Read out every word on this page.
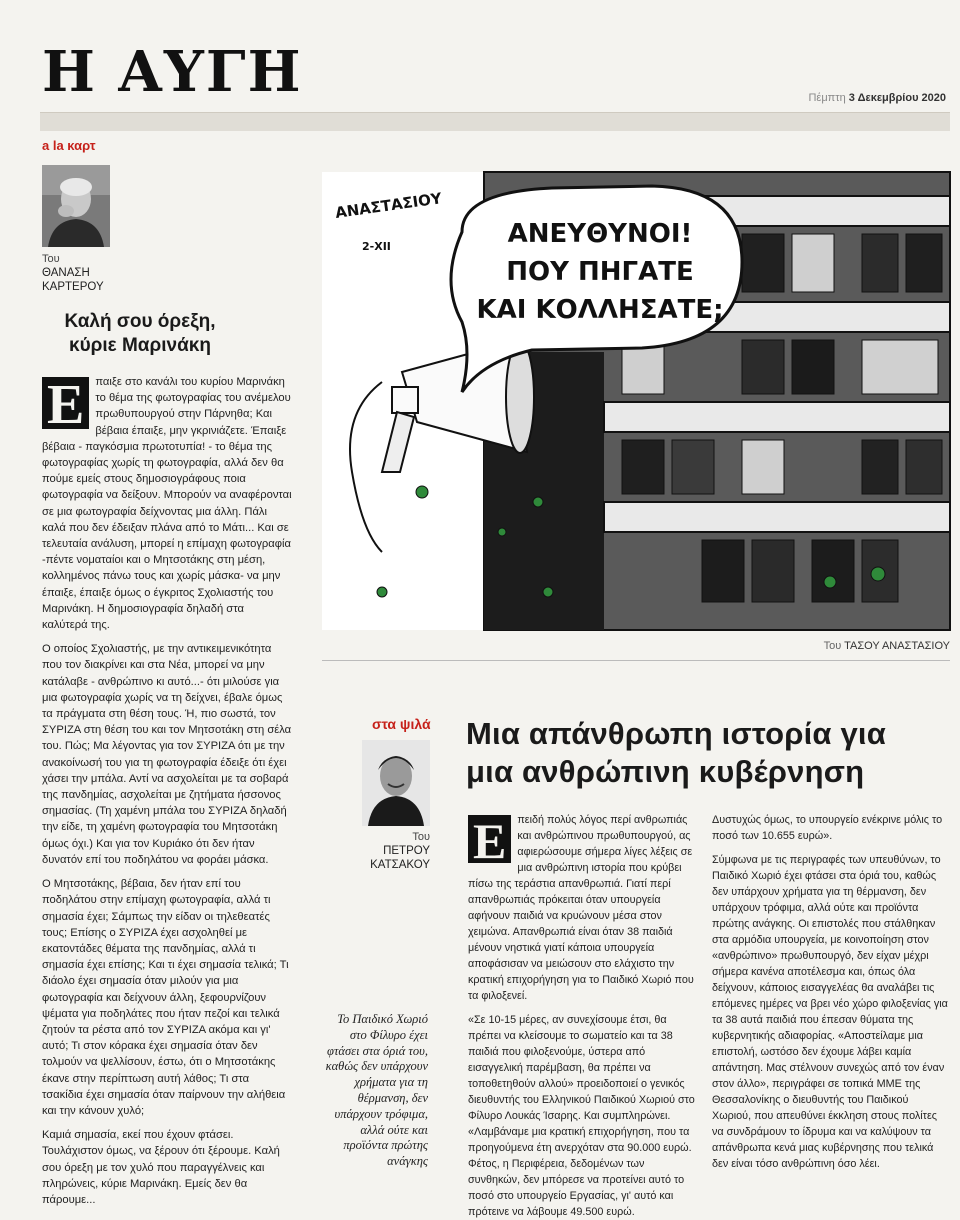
Η ΑΥΓΗ	Πέμπτη 3 Δεκεμβρίου 2020
a la καρτ
Του
ΘΑΝΑΣΗ
ΚΑΡΤΕΡΟΥ
Καλή σου όρεξη,
κύριε Μαρινάκη
Ε παιξε στο κανάλι του κυρίου Μαρινάκη το θέμα της φωτογραφίας του ανέμελου πρωθυπουργού στην Πάρνηθα; Και βέβαια έπαιξε, μην γκρινιάζετε. Έπαιξε βέβαια - παγκόσμια πρωτοτυπία! - το θέμα της φωτογραφίας χωρίς τη φωτογραφία, αλλά δεν θα πούμε εμείς στους δημοσιογράφους ποια φωτογραφία να δείξουν. Μπορούν να αναφέρονται σε μια φωτογραφία δείχνοντας μια άλλη. Πάλι καλά που δεν έδειξαν πλάνα από το Μάτι... Και σε τελευταία ανάλυση, μπορεί η επίμαχη φωτογραφία -πέντε νοματαίοι και ο Μητσοτάκης στη μέση, κολλημένος πάνω τους και χωρίς μάσκα- να μην έπαιξε, έπαιξε όμως ο έγκριτος Σχολιαστής του Μαρινάκη. Η δημοσιογραφία δηλαδή στα καλύτερά της.

Ο οποίος Σχολιαστής, με την αντικειμενικότητα που τον διακρίνει και στα Νέα, μπορεί να μην κατάλαβε - ανθρώπινο κι αυτό...- ότι μιλούσε για μια φωτογραφία χωρίς να τη δείχνει, έβαλε όμως τα πράγματα στη θέση τους. Ή, πιο σωστά, τον ΣΥΡΙΖΑ στη θέση του και τον Μητσοτάκη στη σέλα του. Πώς; Μα λέγοντας για τον ΣΥΡΙΖΑ ότι με την ανακοίνωσή του για τη φωτογραφία έδειξε ότι έχει χάσει την μπάλα. Αντί να ασχολείται με τα σοβαρά της πανδημίας, ασχολείται με ζητήματα ήσσονος σημασίας. (Τη χαμένη μπάλα του ΣΥΡΙΖΑ δηλαδή την είδε, τη χαμένη φωτογραφία του Μητσοτάκη όμως όχι.) Και για τον Κυριάκο ότι δεν ήταν δυνατόν επί του ποδηλάτου να φοράει μάσκα.

Ο Μητσοτάκης, βέβαια, δεν ήταν επί του ποδηλάτου στην επίμαχη φωτογραφία, αλλά τι σημασία έχει; Σάμπως την είδαν οι τηλεθεατές τους; Επίσης ο ΣΥΡΙΖΑ έχει ασχοληθεί με εκατοντάδες θέματα της πανδημίας, αλλά τι σημασία έχει επίσης; Και τι έχει σημασία τελικά; Τι διάολο έχει σημασία όταν μιλούν για μια φωτογραφία και δείχνουν άλλη, ξεφουρνίζουν ψέματα για ποδηλάτες που ήταν πεζοί και τελικά ζητούν τα ρέστα από τον ΣΥΡΙΖΑ ακόμα και γι' αυτό; Τι στον κόρακα έχει σημασία όταν δεν τολμούν να ψελλίσουν, έστω, ότι ο Μητσοτάκης έκανε στην περίπτωση αυτή λάθος; Τι στα τσακίδια έχει σημασία όταν παίρνουν την αλήθεια και την κάνουν χυλό;

Καμιά σημασία, εκεί που έχουν φτάσει. Τουλάχιστον όμως, να ξέρουν ότι ξέρουμε. Καλή σου όρεξη με τον χυλό που παραγγέλνεις και πληρώνεις, κύριε Μαρινάκη. Εμείς δεν θα πάρουμε...

ΑΝΕΥΘΥΝΟΙ!
ΠΟΥ ΠΗΓΑΤΕ
ΚΑΙ ΚΟΛΛΗΣΑΤΕ;
ΑΝΑΣΤΑΣΙΟΥ
2-ΧΙΙ
Του ΤΑΣΟΥ ΑΝΑΣΤΑΣΙΟΥ
στα ψιλά
Του
ΠΕΤΡΟΥ
ΚΑΤΣΑΚΟΥ
Μια απάνθρωπη ιστορία για
μια ανθρώπινη κυβέρνηση
Το Παιδικό Χωριό στο Φίλυρο έχει φτάσει στα όριά του, καθώς δεν υπάρχουν χρήματα για τη θέρμανση, δεν υπάρχουν τρόφιμα, αλλά ούτε και προϊόντα πρώτης ανάγκης
Ε	πειδή πολύς λόγος περί ανθρωπιάς και ανθρώπινου πρωθυπουργού, ας αφιερώσουμε σήμερα λίγες λέξεις σε μια ανθρώπινη ιστορία που κρύβει πίσω της τεράστια απανθρωπιά. Γιατί περί απανθρωπιάς πρόκειται όταν υπουργεία αφήνουν παιδιά να κρυώνουν μέσα στον χειμώνα. Απανθρωπιά είναι όταν 38 παιδιά μένουν νηστικά γιατί κάποια υπουργεία αποφάσισαν να μειώσουν στο ελάχιστο την κρατική επιχορήγηση για το Παιδικό Χωριό που τα φιλοξενεί.

«Σε 10-15 μέρες, αν συνεχίσουμε έτσι, θα πρέπει να κλείσουμε το σωματείο και τα 38 παιδιά που φιλοξενούμε, ύστερα από εισαγγελική παρέμβαση, θα πρέπει να τοποθετηθούν αλλού» προειδοποιεί ο γενικός διευθυντής του Ελληνικού Παιδικού Χωριού στο Φίλυρο Λουκάς Ίσαρης. Και συμπληρώνει. «Λαμβάναμε μια κρατική επιχορήγηση, που τα προηγούμενα έτη ανερχόταν στα 90.000 ευρώ. Φέτος, η Περιφέρεια, δεδομένων των συνθηκών, δεν μπόρεσε να προτείνει αυτό το ποσό στο υπουργείο Εργασίας, γι' αυτό και πρότεινε να λάβουμε 49.500 ευρώ.

Δυστυχώς όμως, το υπουργείο ενέκρινε μόλις το ποσό των 10.655 ευρώ».

Σύμφωνα με τις περιγραφές των υπευθύνων, το Παιδικό Χωριό έχει φτάσει στα όριά του, καθώς δεν υπάρχουν χρήματα για τη θέρμανση, δεν υπάρχουν τρόφιμα, αλλά ούτε και προϊόντα πρώτης ανάγκης. Οι επιστολές που στάλθηκαν στα αρμόδια υπουργεία, με κοινοποίηση στον «ανθρώπινο» πρωθυπουργό, δεν είχαν μέχρι σήμερα κανένα αποτέλεσμα και, όπως όλα δείχνουν, κάποιος εισαγγελέας θα αναλάβει τις επόμενες ημέρες να βρει νέο χώρο φιλοξενίας για τα 38 αυτά παιδιά που έπεσαν θύματα της κυβερνητικής αδιαφορίας. «Αποστείλαμε μια επιστολή, ωστόσο δεν έχουμε λάβει καμία απάντηση. Μας στέλνουν συνεχώς από τον έναν στον άλλο», περιγράφει σε τοπικά ΜΜΕ της Θεσσαλονίκης ο διευθυντής του Παιδικού Χωριού, που απευθύνει έκκληση στους πολίτες να συνδράμουν το ίδρυμα και να καλύψουν τα απάνθρωπα κενά μιας κυβέρνησης που τελικά δεν είναι τόσο ανθρώπινη όσο λέει.
